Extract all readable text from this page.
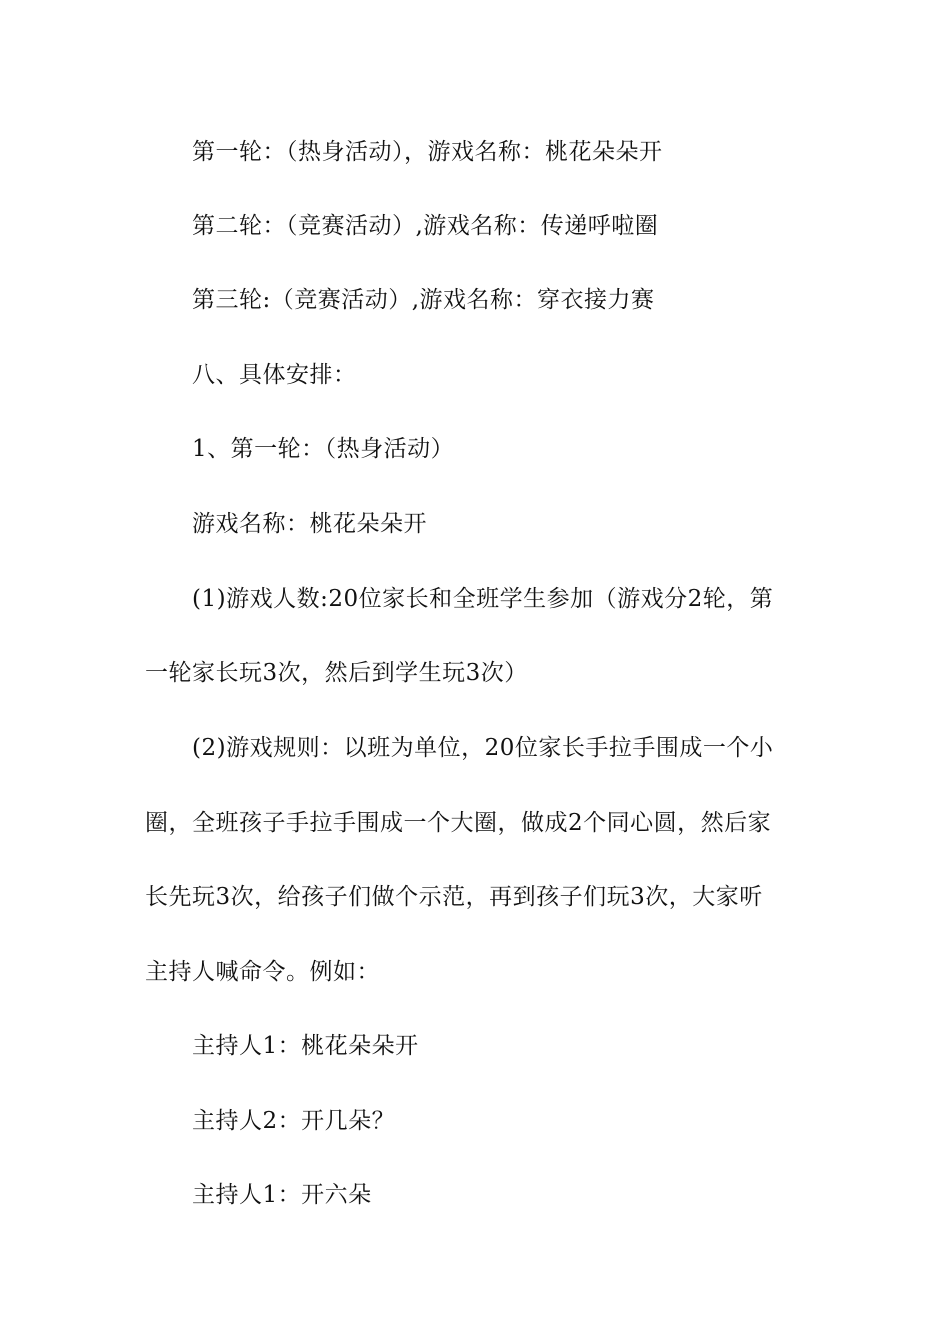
第一轮：（热身活动），游戏名称：桃花朵朵开
第二轮：（竞赛活动）,游戏名称：传递呼啦圈
第三轮:（竞赛活动）,游戏名称：穿衣接力赛
八、具体安排：
1、第一轮：（热身活动）
游戏名称：桃花朵朵开
(1)游戏人数:20位家长和全班学生参加（游戏分2轮，第
一轮家长玩3次，然后到学生玩3次）
(2)游戏规则：以班为单位，20位家长手拉手围成一个小
圈，全班孩子手拉手围成一个大圈，做成2个同心圆，然后家
长先玩3次，给孩子们做个示范，再到孩子们玩3次，大家听
主持人喊命令。例如：
主持人1：桃花朵朵开
主持人2：开几朵？
主持人1：开六朵
